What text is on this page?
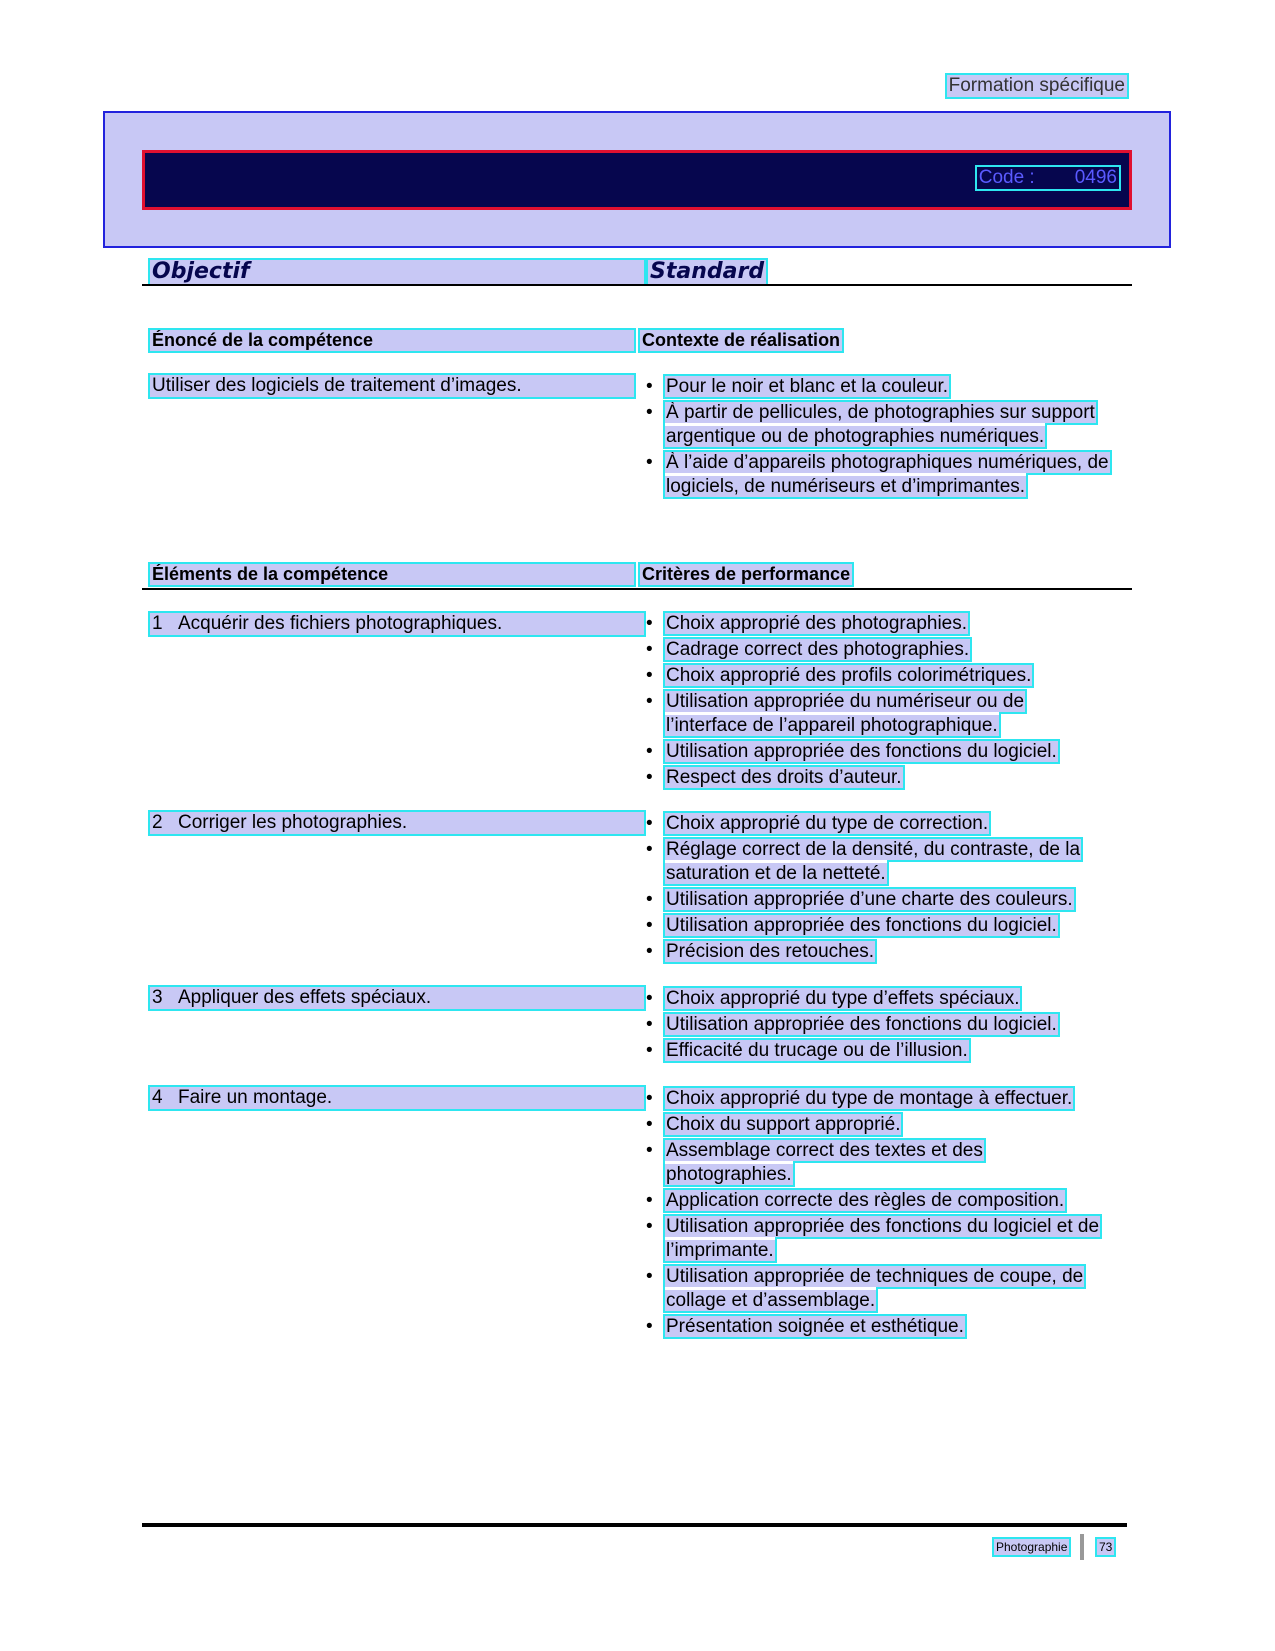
Formation spécifique
Code : 0496
Objectif	Standard
Énoncé de la compétence	Contexte de réalisation
Utiliser des logiciels de traitement d’images.	• Pour le noir et blanc et la couleur.
• À partir de pellicules, de photographies sur support argentique ou de photographies numériques.
• À l’aide d’appareils photographiques numériques, de logiciels, de numériseurs et d’imprimantes.
Éléments de la compétence	Critères de performance
1 Acquérir des fichiers photographiques.	• Choix approprié des photographies.
• Cadrage correct des photographies.
• Choix approprié des profils colorimétriques.
• Utilisation appropriée du numériseur ou de l’interface de l’appareil photographique.
• Utilisation appropriée des fonctions du logiciel.
• Respect des droits d’auteur.
2 Corriger les photographies.	• Choix approprié du type de correction.
• Réglage correct de la densité, du contraste, de la saturation et de la netteté.
• Utilisation appropriée d’une charte des couleurs.
• Utilisation appropriée des fonctions du logiciel.
• Précision des retouches.
3 Appliquer des effets spéciaux.	• Choix approprié du type d’effets spéciaux.
• Utilisation appropriée des fonctions du logiciel.
• Efficacité du trucage ou de l’illusion.
4 Faire un montage.	• Choix approprié du type de montage à effectuer.
• Choix du support approprié.
• Assemblage correct des textes et des photographies.
• Application correcte des règles de composition.
• Utilisation appropriée des fonctions du logiciel et de l’imprimante.
• Utilisation appropriée de techniques de coupe, de collage et d’assemblage.
• Présentation soignée et esthétique.
Photographie	73
